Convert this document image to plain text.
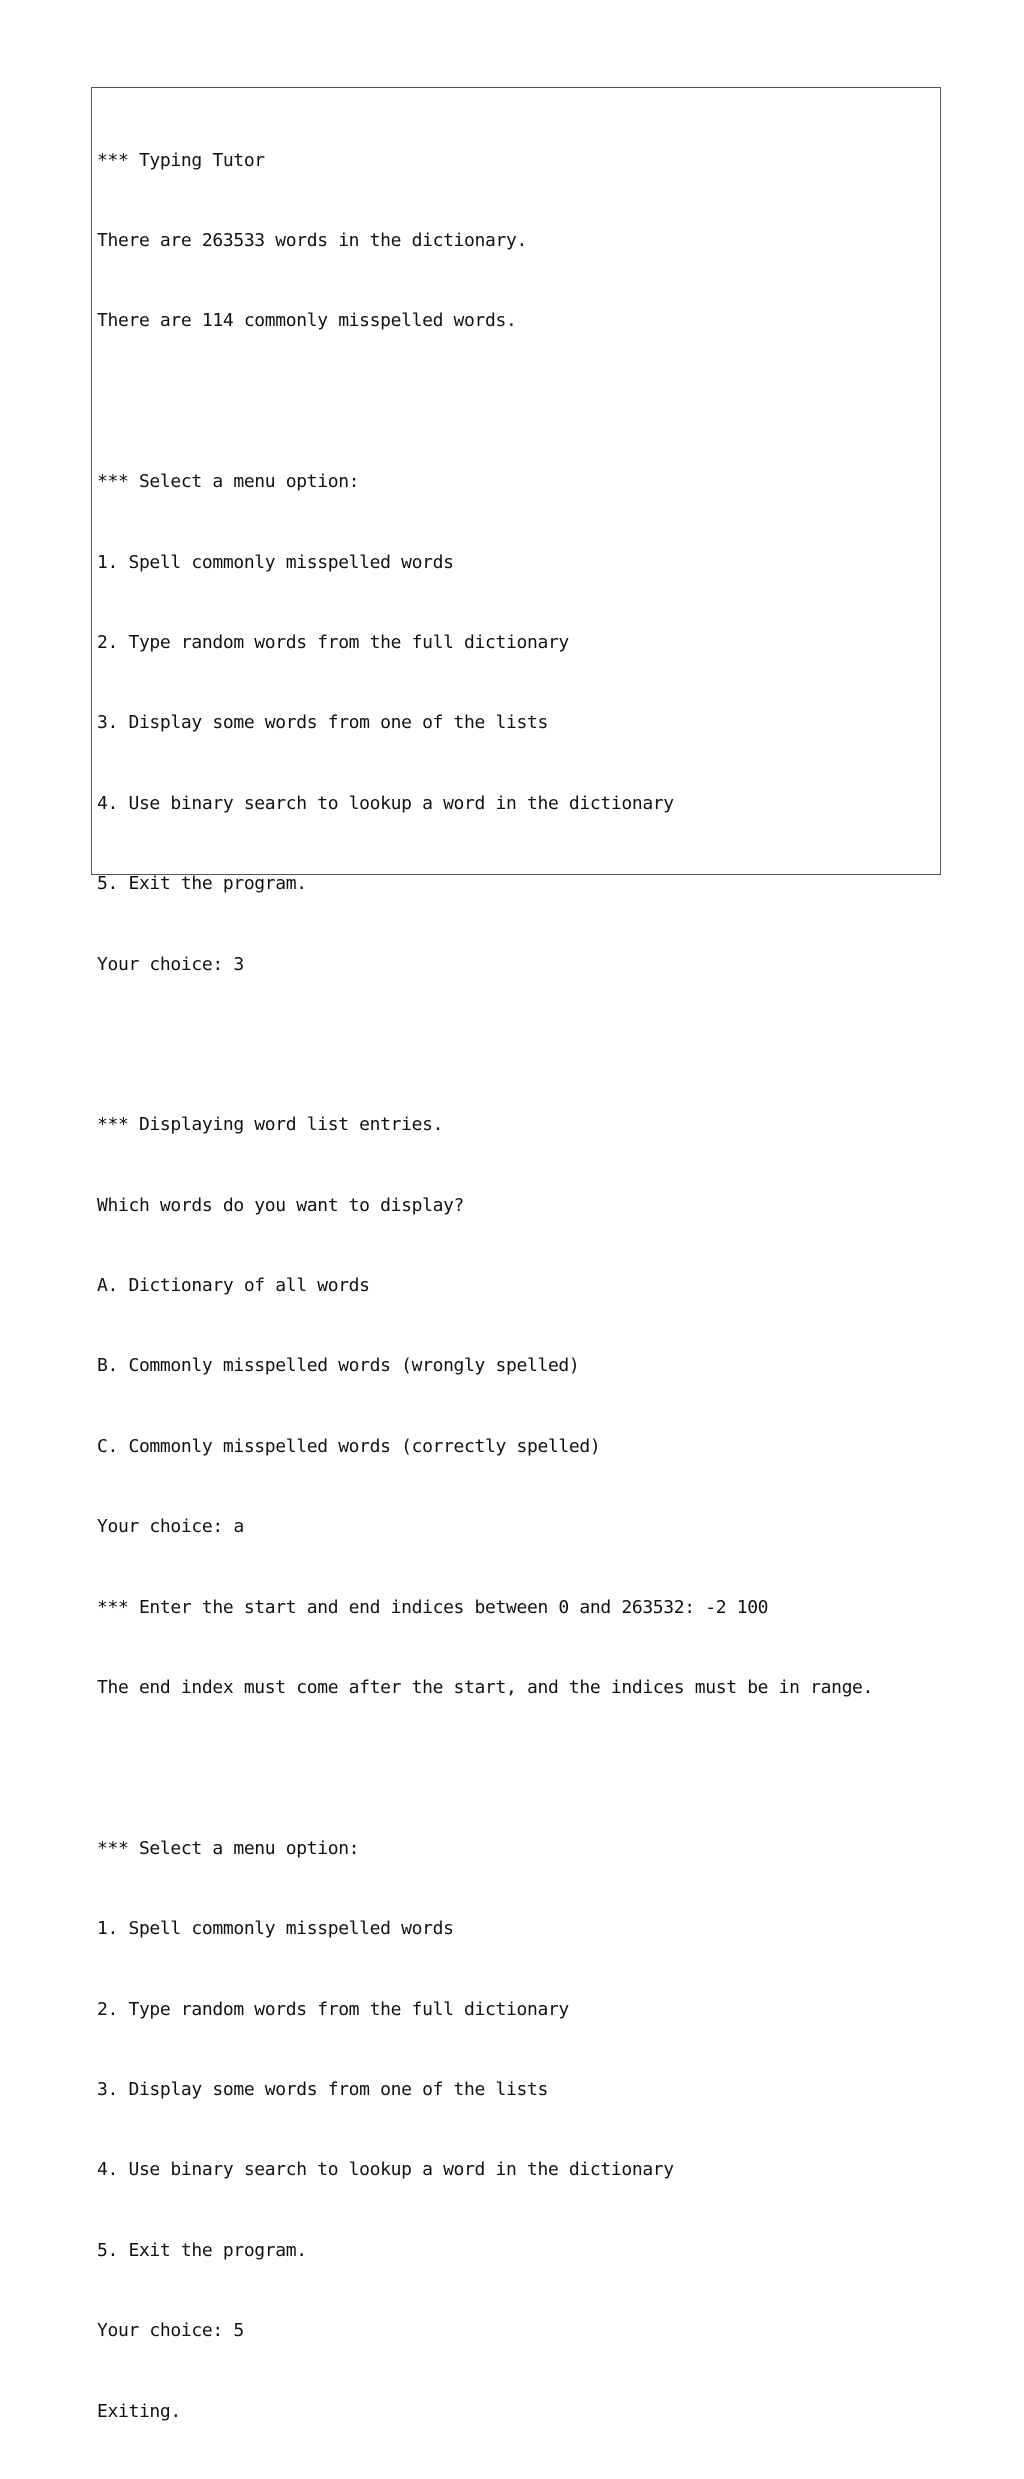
*** Typing Tutor

There are 263533 words in the dictionary.

There are 114 commonly misspelled words.

*** Select a menu option:

1. Spell commonly misspelled words

2. Type random words from the full dictionary

3. Display some words from one of the lists

4. Use binary search to lookup a word in the dictionary

5. Exit the program.

Your choice: 3

*** Displaying word list entries.

Which words do you want to display?

A. Dictionary of all words

B. Commonly misspelled words (wrongly spelled)

C. Commonly misspelled words (correctly spelled)

Your choice: a

*** Enter the start and end indices between 0 and 263532: -2 100

The end index must come after the start, and the indices must be in range.

*** Select a menu option:

1. Spell commonly misspelled words

2. Type random words from the full dictionary

3. Display some words from one of the lists

4. Use binary search to lookup a word in the dictionary

5. Exit the program.

Your choice: 5

Exiting.
